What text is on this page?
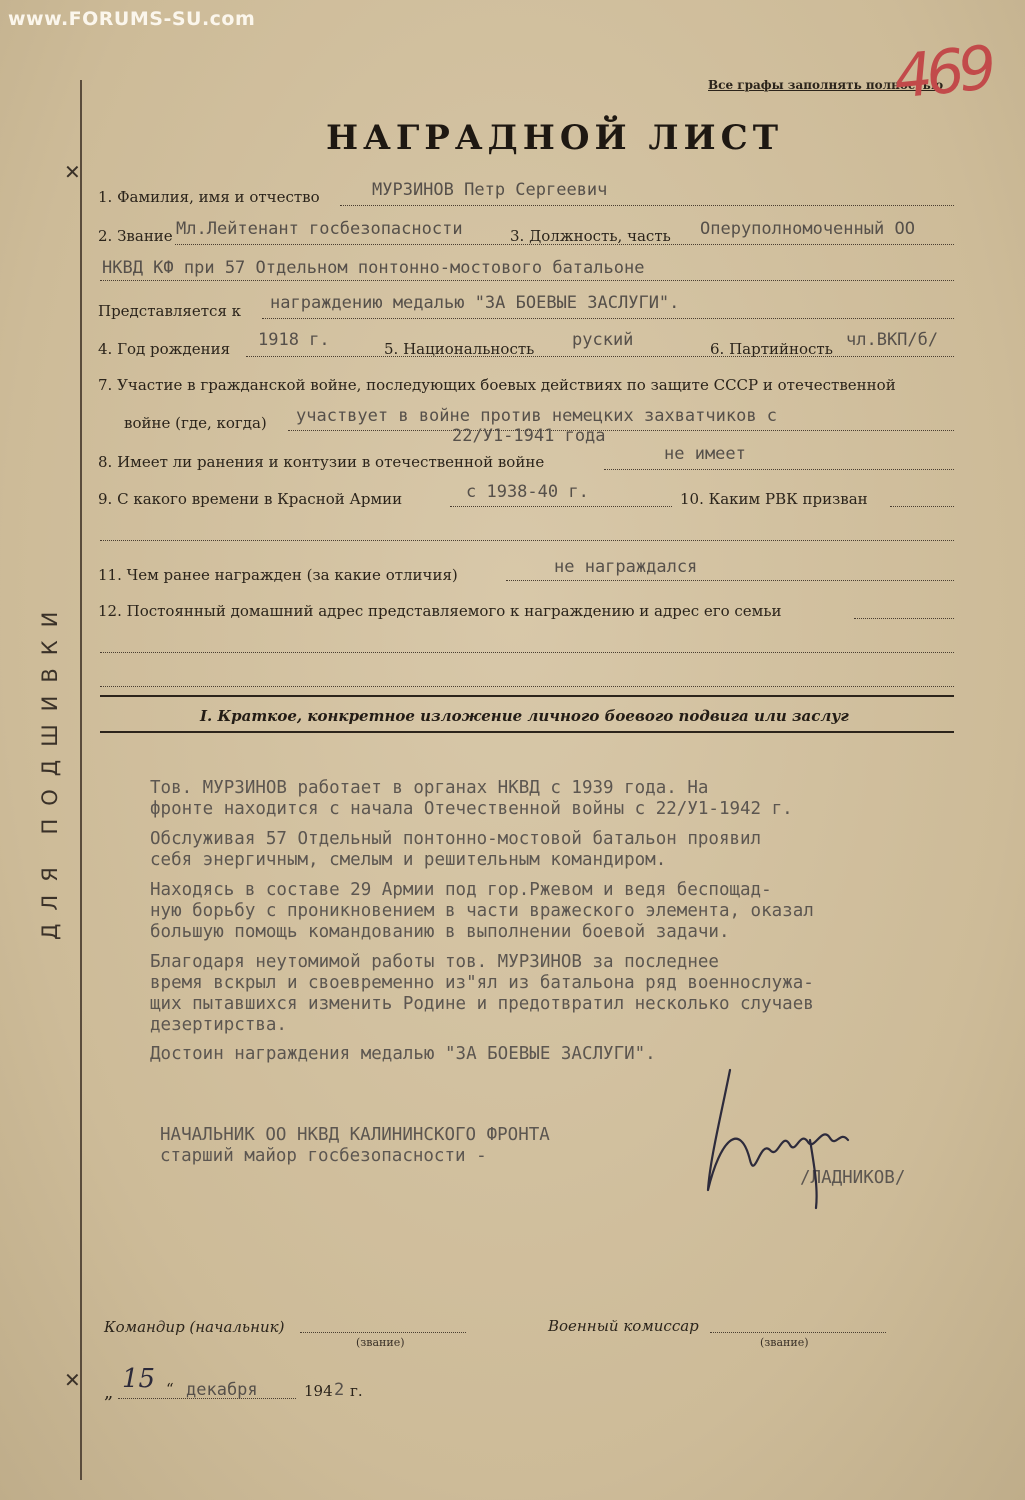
www.FORUMS-SU.com
ДЛЯ ПОДШИВКИ
✕
✕
Все графы заполнять полностью
469
НАГРАДНОЙ ЛИСТ
1. Фамилия, имя и отчество	МУРЗИНОВ Петр Сергеевич
2. Звание Мл.Лейтенант госбезопасности	3. Должность, часть Оперуполномоченный ОО
НКВД КФ при 57 Отдельном понтонно-мостового батальоне
Представляется к награждению медалью "ЗА БОЕВЫЕ ЗАСЛУГИ".
4. Год рождения 1918 г.	5. Национальность руский	6. Партийность чл.ВКП/б/
7. Участие в гражданской войне, последующих боевых действиях по защите СССР и отечественной
войне (где, когда) участвует в войне против немецких захватчиков с
22/У1-1941 года
8. Имеет ли ранения и контузии в отечественной войне	не имеет
9. С какого времени в Красной Армии	с 1938-40 г.	10. Каким РВК призван
11. Чем ранее награжден (за какие отличия)	не награждался
12. Постоянный домашний адрес представляемого к награждению и адрес его семьи
I. Краткое, конкретное изложение личного боевого подвига или заслуг
Тов. МУРЗИНОВ работает в органах НКВД с 1939 года. На
фронте находится с начала Отечественной войны с 22/У1-1942 г.
Обслуживая 57 Отдельный понтонно-мостовой батальон проявил
себя энергичным, смелым и решительным командиром.
Находясь в составе 29 Армии под гор.Ржевом и ведя беспощад-
ную борьбу с проникновением в части вражеского элемента, оказал
большую помощь командованию в выполнении боевой задачи.
Благодаря неутомимой работы тов. МУРЗИНОВ за последнее
время вскрыл и своевременно из"ял из батальона ряд военнослужа-
щих пытавшихся изменить Родине и предотвратил несколько случаев
дезертирства.
Достоин награждения медалью "ЗА БОЕВЫЕ ЗАСЛУГИ".
НАЧАЛЬНИК ОО НКВД КАЛИНИНСКОГО ФРОНТА
старший майор госбезопасности -
/ЛАДНИКОВ/
Командир (начальник)
(звание)
Военный комиссар
(звание)
„ 15 “ декабря	194 2 г.
